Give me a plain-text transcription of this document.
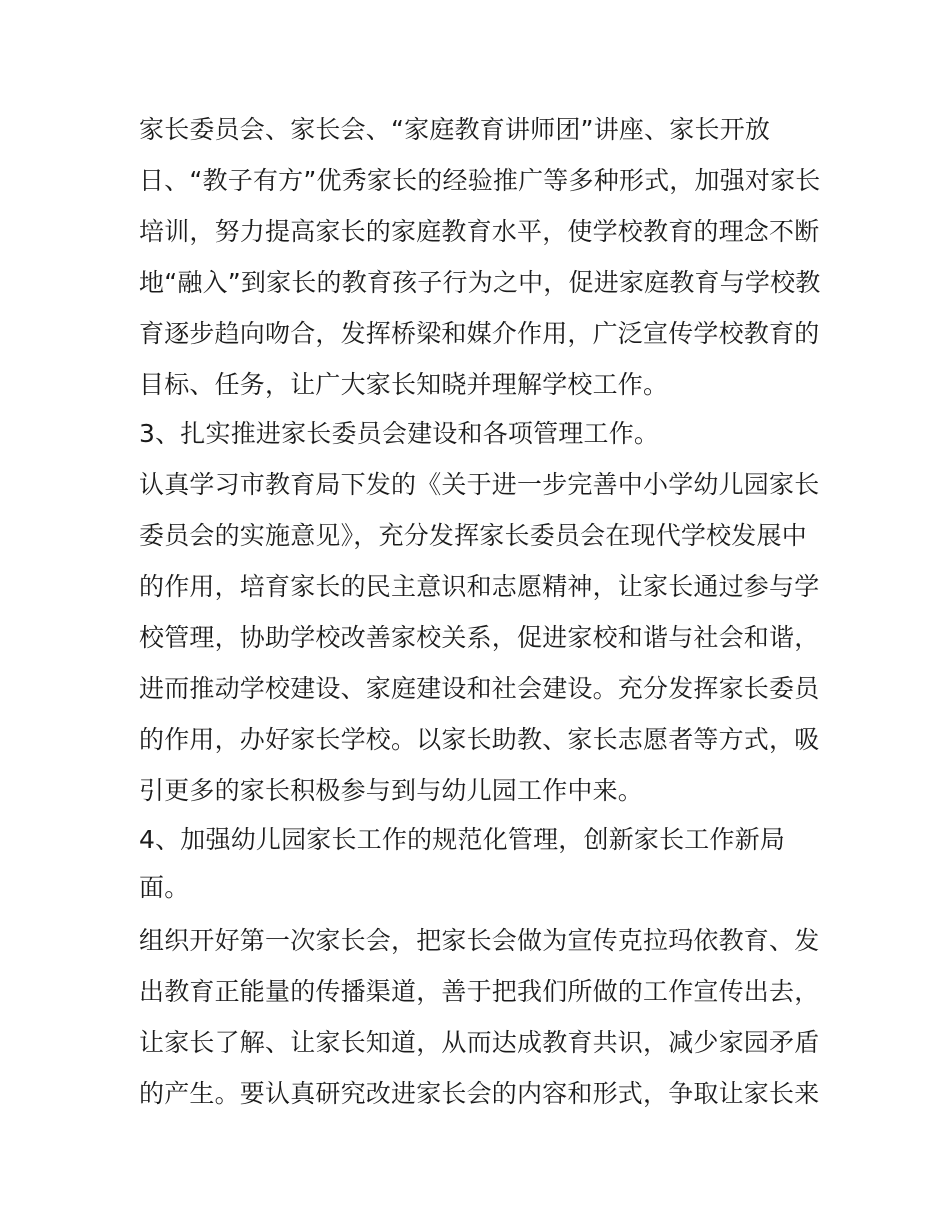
家长委员会、家长会、“家庭教育讲师团”讲座、家长开放
日、“教子有方”优秀家长的经验推广等多种形式，加强对家长
培训，努力提高家长的家庭教育水平，使学校教育的理念不断
地“融入”到家长的教育孩子行为之中，促进家庭教育与学校教
育逐步趋向吻合，发挥桥梁和媒介作用，广泛宣传学校教育的
目标、任务，让广大家长知晓并理解学校工作。
3、扎实推进家长委员会建设和各项管理工作。
认真学习市教育局下发的《关于进一步完善中小学幼儿园家长
委员会的实施意见》，充分发挥家长委员会在现代学校发展中
的作用，培育家长的民主意识和志愿精神，让家长通过参与学
校管理，协助学校改善家校关系，促进家校和谐与社会和谐，
进而推动学校建设、家庭建设和社会建设。充分发挥家长委员
的作用，办好家长学校。以家长助教、家长志愿者等方式，吸
引更多的家长积极参与到与幼儿园工作中来。
4、加强幼儿园家长工作的规范化管理，创新家长工作新局
面。
组织开好第一次家长会，把家长会做为宣传克拉玛依教育、发
出教育正能量的传播渠道，善于把我们所做的工作宣传出去，
让家长了解、让家长知道，从而达成教育共识，减少家园矛盾
的产生。要认真研究改进家长会的内容和形式，争取让家长来
